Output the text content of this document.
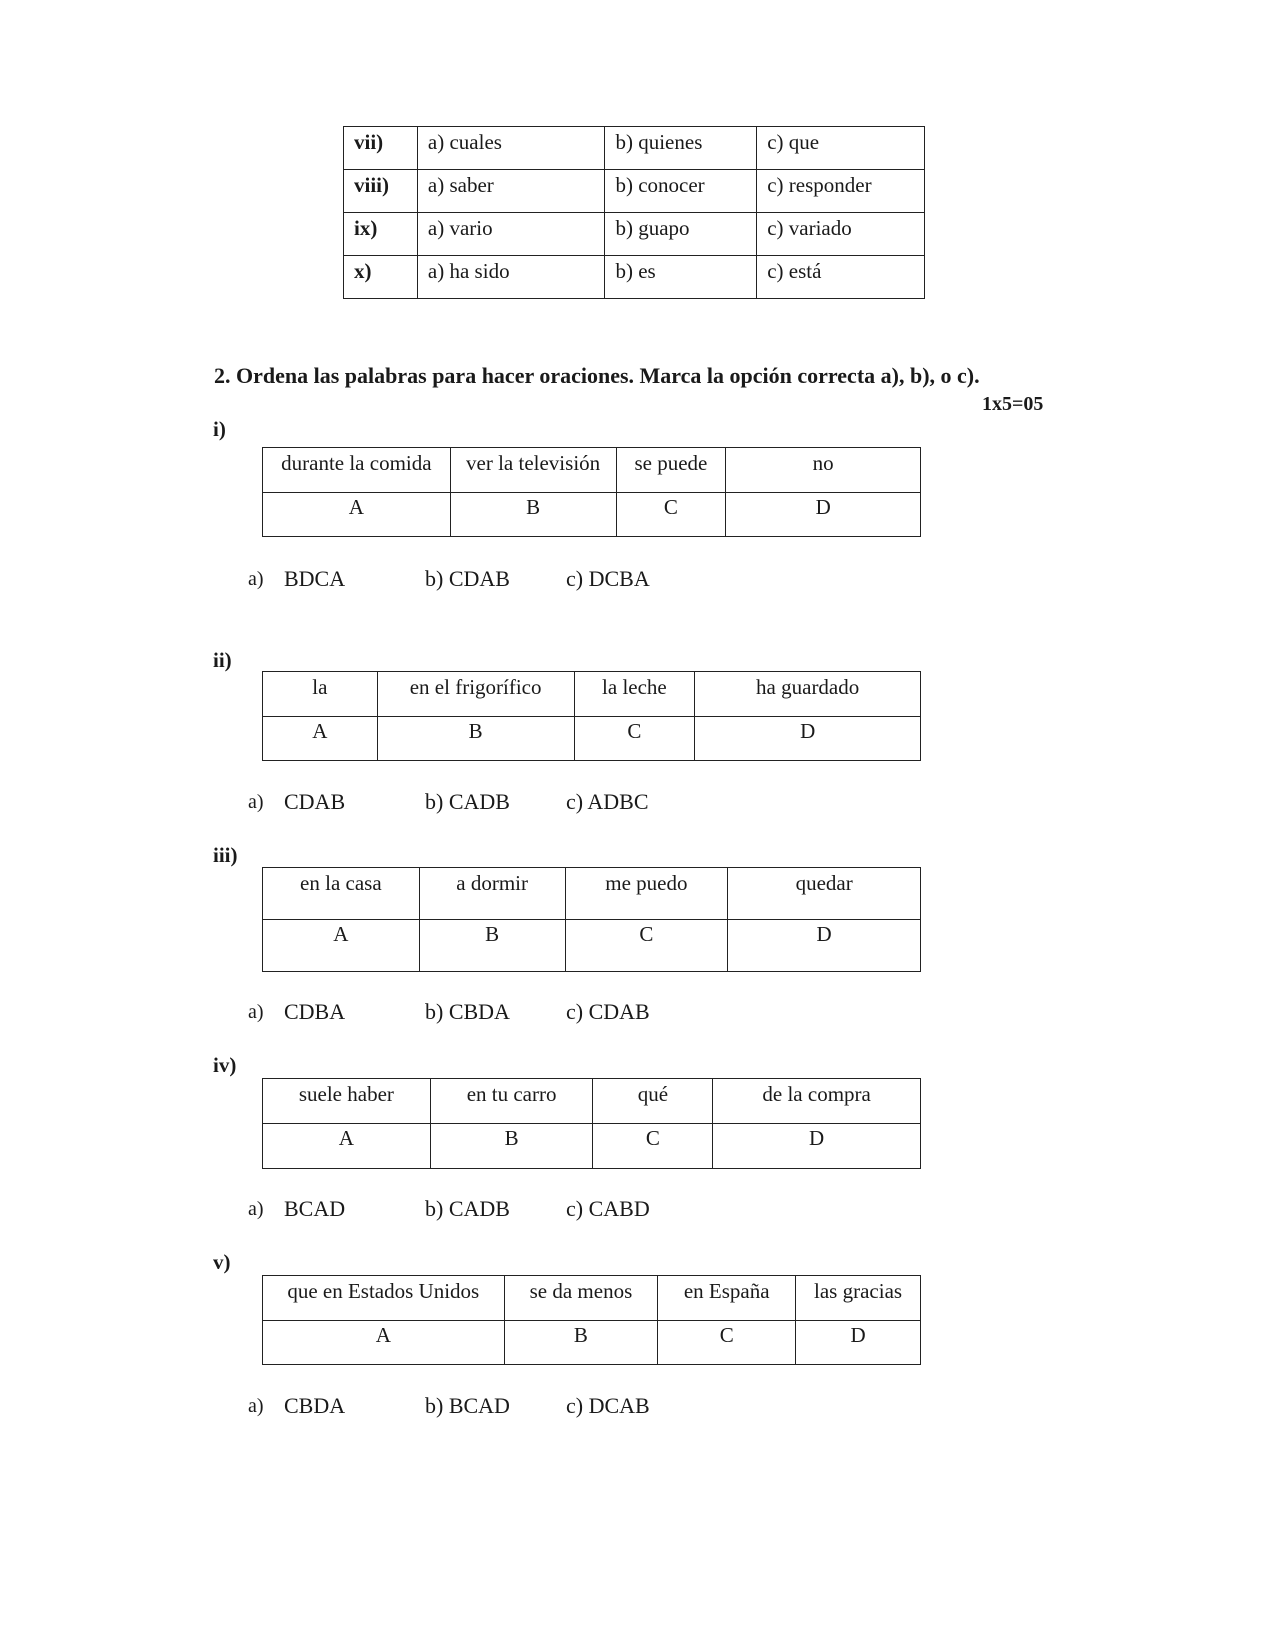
vii)	a) cuales	b) quienes	c) que
viii)	a) saber	b) conocer	c) responder
ix)	a) vario	b) guapo	c) variado
x)	a) ha sido	b) es	c) está
2. Ordena las palabras para hacer oraciones. Marca la opción correcta a), b), o c).
1x5=05
i)
durante la comida	ver la televisión	se puede	no
A	B	C	D
a) BDCA	b) CDAB	c) DCBA
ii)
la	en el frigorífico	la leche	ha guardado
A	B	C	D
a) CDAB	b) CADB	c) ADBC
iii)
en la casa	a dormir	me puedo	quedar
A	B	C	D
a) CDBA	b) CBDA	c) CDAB
iv)
suele haber	en tu carro	qué	de la compra
A	B	C	D
a) BCAD	b) CADB	c) CABD
v)
que en Estados Unidos	se da menos	en España	las gracias
A	B	C	D
a) CBDA	b) BCAD	c) DCAB
